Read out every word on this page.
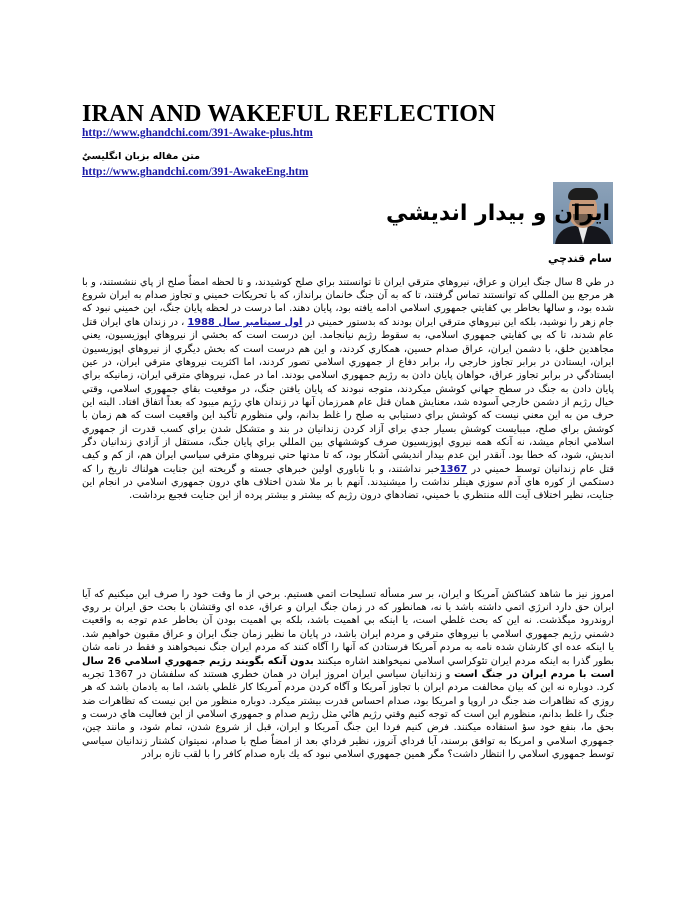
IRAN AND WAKEFUL REFLECTION
http://www.ghandchi.com/391-Awake-plus.htm
متن مقاله بزبان انگليسيٌ
http://www.ghandchi.com/391-AwakeEng.htm
ايران و بيدار انديشي
سام قندچي

در طي 8 سال جنگ ايران و عراق، نيروهاي مترقي ايران تا توانستند براي صلح كوشيدند، و تا لحظه امضاٌ صلح از پاي ننشستند، و با هر مرجع بين المللي كه توانستند تماس گرفتند، تا كه به آن جنگ خانمان برانداز، كه با تحريكات خميني و تجاوز صدام به ايران شروع شده بود، و سالها بخاطر بي كفايتي جمهوري اسلامي ادامه يافته بود، پايان دهند. اما درست در لحظه پايان جنگ، اين خميني نبود كه جام زهر را نوشيد، بلكه اين نيروهاي مترقي ايران بودند كه بدستور خميني در اول سپتامبر سال 1988 ، در زندان هاي ايران قتل عام شدند، تا كه بي كفايتي جمهوري اسلامي، به سقوط رژيم نيانجامد. اين درست است كه بخشي از نيروهاي اپوزيسيون، يعني مجاهدين خلق، با دشمن ايران، عراق صدام حسين، همكاري كردند، و اين هم درست است كه بخش ديگري از نيروهاي اپوزيسيون ايران، ايستادن در برابر تجاوز خارجي را، برابر دفاع از جمهوري اسلامي تصور كردند، اما اكثريت نيروهاي مترقي ايران، در عين ايستادگي در برابر تجاوز عراق، خواهان پايان دادن به رژيم جمهوري اسلامي بودند. اما در عمل، نيروهاي مترقي ايران، زمانيكه براي پايان دادن به جنگ در سطح جهاني كوشش ميكردند، متوجه نبودند كه پايان يافتن جنگ، در موقعيت بقاي جمهوري اسلامي، وقتي خيال رژيم از دشمن خارجي آسوده شد، معنايش همان قتل عام همرزمان آنها در زندان هاي رژيم ميبود كه بعداً اتفاق افتاد. البته اين حرف من به اين معني نيست كه كوشش براي دستيابي به صلح را غلط بدانم، ولي منظورم تأكيد اين واقعيت است كه هم زمان با كوشش براي صلح، ميبايست كوشش بسيار جدي براي آزاد كردن زندانيان در بند و متشكل شدن براي كسب قدرت از جمهوري اسلامي انجام ميشد، نه آنكه همه نيروي اپوزيسيون صرف كوششهاي بين المللي براي پايان جنگ، مستقل از آزادي زندانيان دگر انديش، شود، كه خطا بود. آنقدر اين عدم بيدار انديشي آشكار بود، كه تا مدتها حتي نيروهاي مترقي سياسي ايران هم، از كم و كيف قتل عام زندانيان توسط خميني در 1367خبر نداشتند، و با ناباوري اولين خبرهاي جسته و گريخته اين جنايت هولناك تاريخ را كه دستكمي از كوره هاي آدم سوزي هيتلر نداشت را ميشنيدند. آنهم با بر ملا شدن اختلاف هاي درون جمهوري اسلامي در انجام اين جنايت، نظير اختلاف آيت الله منتظري با خميني، تضادهاي درون رژيم كه بيشتر و بيشتر پرده از اين جنايت فجيع برداشت.

امروز نيز ما شاهد كشاكش آمريكا و ايران، بر سر مسأله تسليحات اتمي هستيم. برخي از ما وقت خود را صرف اين ميكنيم كه آيا ايران حق دارد انرژي اتمي داشته باشد يا نه، همانطور كه در زمان جنگ ايران و عراق، عده اي وقتشان با بحث حق ايران بر روي اروندرود ميگذشت. نه اين كه بحث غلطي است، يا اينكه بي اهميت باشد، بلكه بي اهميت بودن آن بخاطر عدم توجه به واقعيت دشمني رژيم جمهوري اسلامي با نيروهاي مترقي و مردم ايران باشد، در پايان ما نظير زمان جنگ ايران و عراق مقبون خواهيم شد. يا اينكه عده اي كارشان شده نامه به مردم آمريكا فرستادن كه آنها را آگاه كنند كه مردم ايران جنگ نميخواهند و فقط در نامه شان بطور گذرا به اينكه مردم ايران تئوكراسي اسلامي نميخواهند اشاره ميكنند بدون آنكه بگويند رژيم جمهوري اسلامي 26 سال است با مردم ايران در جنگ است و زندانيان سياسي ايران امروز ايران در همان خطري هستند كه سلفشان در 1367 تجربه كرد. دوباره نه اين كه بيان مخالفت مردم ايران با تجاوز آمريكا و آگاه كردن مردم آمريكا كار غلطي باشد، اما به يادمان باشد كه هر روزي كه تظاهرات ضد جنگ در اروپا و امريكا بود، صدام احساس قدرت بيشتر ميكرد. دوباره منظور من اين نيست كه تظاهرات ضد جنگ را غلط بدانم، منظورم اين است كه توجه كنيم وقتي رژيم هائي مثل رژيم صدام و جمهوري اسلامي از اين فعاليت هاي درست و بحق ما، بنفع خود سؤ استفاده ميكنند. فرض كنيم فردا اين جنگ آمريكا و ايران، قبل از شروع شدن، تمام شود، و مانند چين، جمهوري اسلامي و امريكا به توافق برسند، آيا فرداي آنروز، نظير فرداي بعد از امضاٌ صلح با صدام، نميتوان كشتار زندانيان سياسي توسط جمهوري اسلامي را انتظار داشت؟ مگر همين جمهوري اسلامي نبود كه يك باره صدام كافر را با لقب تازه برادر
